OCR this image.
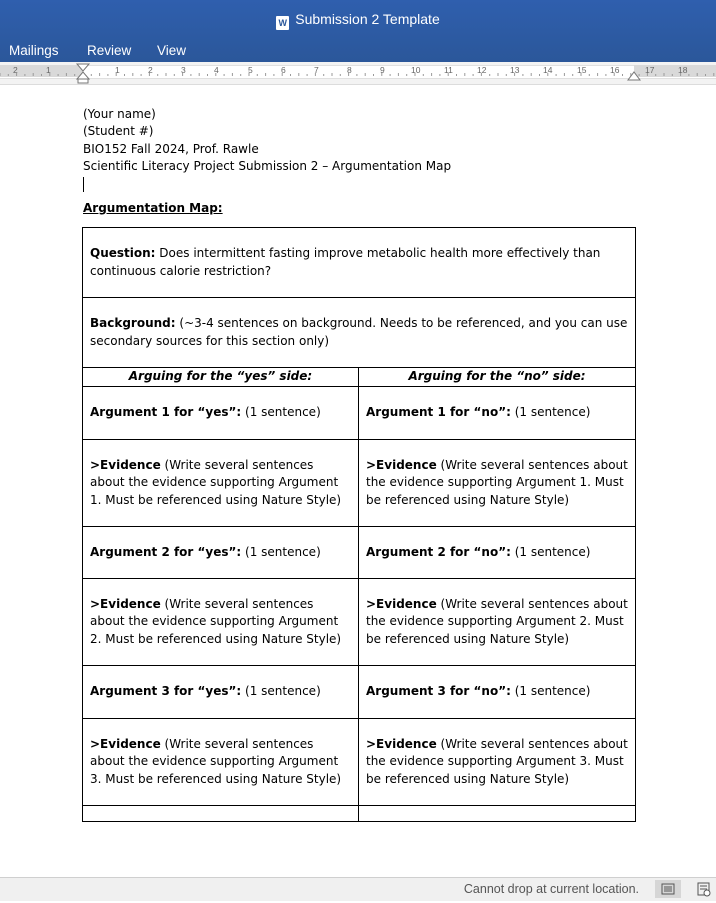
W Submission 2 Template
Mailings Review View
2	1	1	2	3	4	5	6	7	8	9	10	11	12	13	14	15	16	17	18
(Your name)
(Student #)
BIO152 Fall 2024, Prof. Rawle
Scientific Literacy Project Submission 2 – Argumentation Map
Argumentation Map:
Question: Does intermittent fasting improve metabolic health more effectively than continuous calorie restriction?	
Background: (~3-4 sentences on background. Needs to be referenced, and you can use secondary sources for this section only)	
Arguing for the “yes” side:	Arguing for the “no” side:
Argument 1 for “yes”: (1 sentence)	Argument 1 for “no”: (1 sentence)
>Evidence (Write several sentences about the evidence supporting Argument 1. Must be referenced using Nature Style)	>Evidence (Write several sentences about the evidence supporting Argument 1. Must be referenced using Nature Style)
Argument 2 for “yes”: (1 sentence)	Argument 2 for “no”: (1 sentence)
>Evidence (Write several sentences about the evidence supporting Argument 2. Must be referenced using Nature Style)	>Evidence (Write several sentences about the evidence supporting Argument 2. Must be referenced using Nature Style)
Argument 3 for “yes”: (1 sentence)	Argument 3 for “no”: (1 sentence)
>Evidence (Write several sentences about the evidence supporting Argument 3. Must be referenced using Nature Style)	>Evidence (Write several sentences about the evidence supporting Argument 3. Must be referenced using Nature Style)

Cannot drop at current location.
